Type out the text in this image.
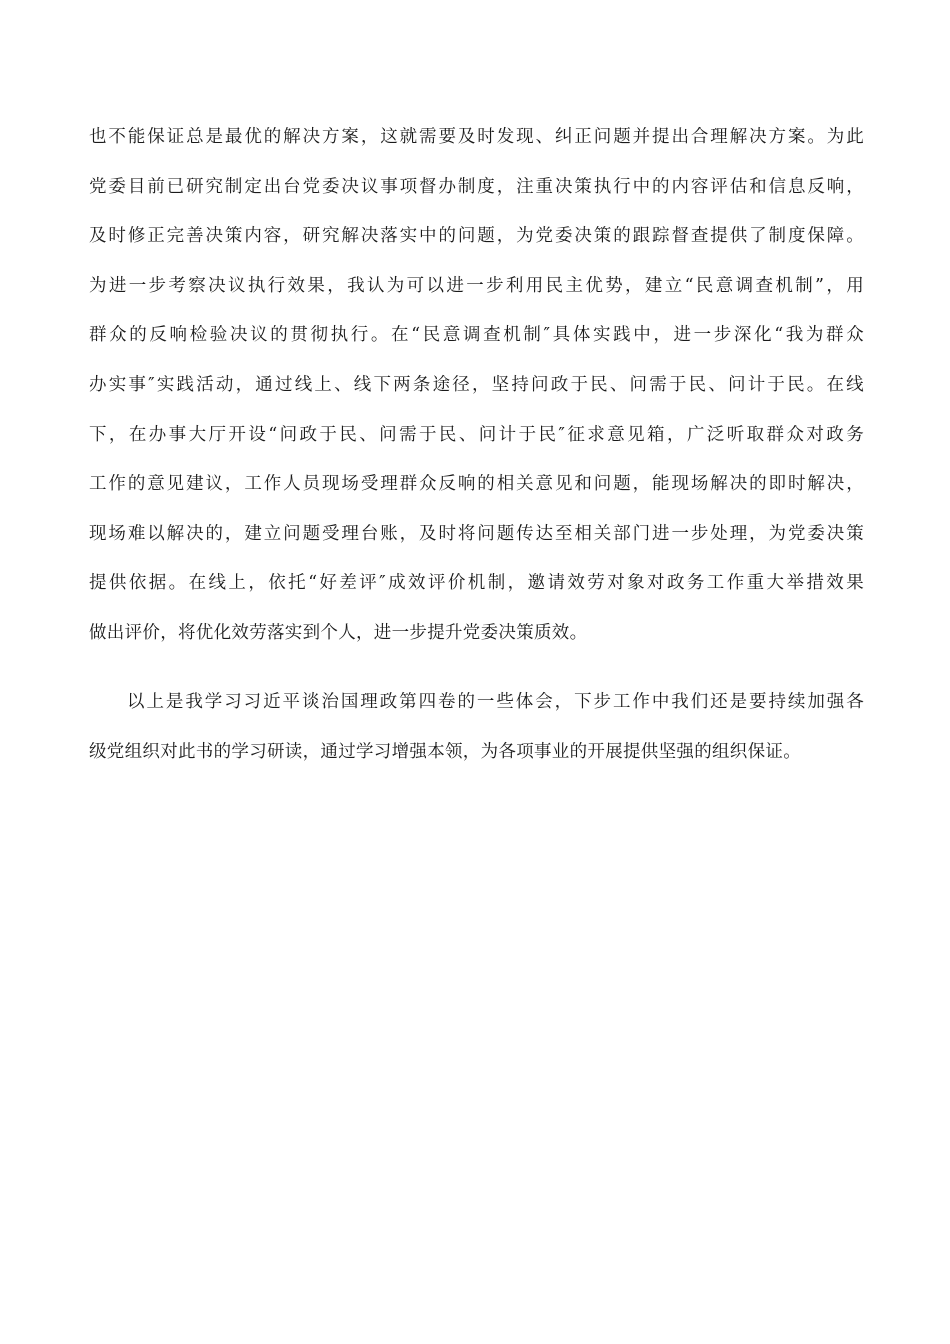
也不能保证总是最优的解决方案，这就需要及时发现、纠正问题并提出合理解决方案。为此
党委目前已研究制定出台党委决议事项督办制度，注重决策执行中的内容评估和信息反响，
及时修正完善决策内容，研究解决落实中的问题，为党委决策的跟踪督查提供了制度保障。
为进一步考察决议执行效果，我认为可以进一步利用民主优势，建立“民意调查机制”，用
群众的反响检验决议的贯彻执行。在“民意调查机制″具体实践中，进一步深化“我为群众
办实事″实践活动，通过线上、线下两条途径，坚持问政于民、问需于民、问计于民。在线
下，在办事大厅开设“问政于民、问需于民、问计于民″征求意见箱，广泛听取群众对政务
工作的意见建议，工作人员现场受理群众反响的相关意见和问题，能现场解决的即时解决，
现场难以解决的，建立问题受理台账，及时将问题传达至相关部门进一步处理，为党委决策
提供依据。在线上，依托“好差评″成效评价机制，邀请效劳对象对政务工作重大举措效果
做出评价，将优化效劳落实到个人，进一步提升党委决策质效。
以上是我学习习近平谈治国理政第四卷的一些体会，下步工作中我们还是要持续加强各
级党组织对此书的学习研读，通过学习增强本领，为各项事业的开展提供坚强的组织保证。
